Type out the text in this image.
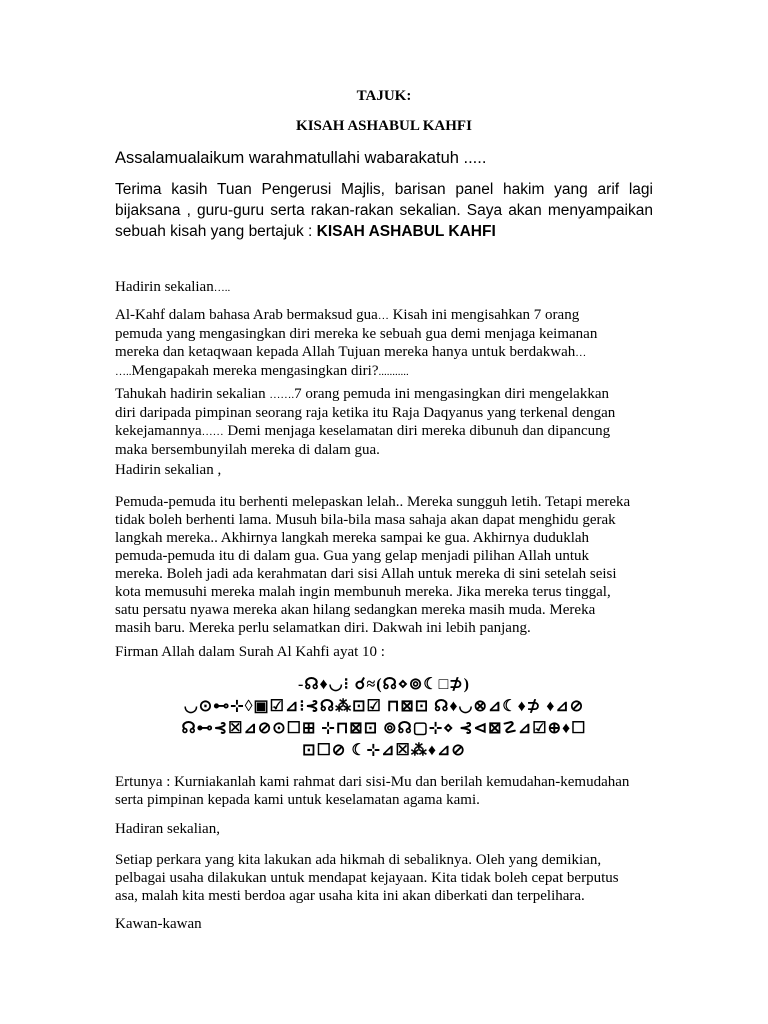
TAJUK:

KISAH ASHABUL KAHFI

Assalamualaikum warahmatullahi wabarakatuh .....

Terima kasih Tuan Pengerusi Majlis, barisan panel hakim yang arif lagi bijaksana , guru-guru serta rakan-rakan sekalian. Saya akan menyampaikan sebuah kisah yang bertajuk : KISAH ASHABUL KAHFI

Hadirin sekalian…..

Al-Kahf dalam bahasa Arab bermaksud gua… Kisah ini mengisahkan 7 orang
pemuda yang mengasingkan diri mereka ke sebuah gua demi menjaga keimanan
mereka dan ketaqwaan kepada Allah Tujuan mereka hanya untuk berdakwah…
…..Mengapakah mereka mengasingkan diri?...........
Tahukah hadirin sekalian …….7 orang pemuda ini mengasingkan diri mengelakkan
diri daripada pimpinan seorang raja ketika itu Raja Daqyanus yang terkenal dengan
kekejamannya…… Demi menjaga keselamatan diri mereka dibunuh dan dipancung
maka bersembunyilah mereka di dalam gua.

Hadirin sekalian ,

Pemuda-pemuda itu berhenti melepaskan lelah.. Mereka sungguh letih. Tetapi mereka
tidak boleh berhenti lama. Musuh bila-bila masa sahaja akan dapat menghidu gerak
langkah mereka.. Akhirnya langkah mereka sampai ke gua. Akhirnya duduklah
pemuda-pemuda itu di dalam gua. Gua yang gelap menjadi pilihan Allah untuk
mereka. Boleh jadi ada kerahmatan dari sisi Allah untuk mereka di sini setelah seisi
kota memusuhi mereka malah ingin membunuh mereka. Jika mereka terus tinggal,
satu persatu nyawa mereka akan hilang sedangkan mereka masih muda. Mereka
masih baru. Mereka perlu selamatkan diri. Dakwah ini lebih panjang.

Firman Allah dalam Surah Al Kahfi ayat 10 :

-☊♦◡⁝ ☌≈(☊⋄⊚☾□⊅)
◡⊙⊷⊹◊▣☑⊿⁝⊰☊⁂⊡☑ ⊓⊠⊡ ☊♦◡⊗⊿☾♦⊅ ♦⊿⊘
☊⊷⊰☒⊿⊘⊙☐⊞ ⊹⊓⊠⊡ ⊚☊▢⊹⋄ ⊰⊲⊠☡⊿☑⊕♦☐
⊡☐⊘ ☾⊹⊿☒⁂♦⊿⊘
Ertunya : Kurniakanlah kami rahmat dari sisi-Mu dan berilah kemudahan-kemudahan
serta pimpinan kepada kami untuk keselamatan agama kami.

Hadiran sekalian,

Setiap perkara yang kita lakukan ada hikmah di sebaliknya. Oleh yang demikian,
pelbagai usaha dilakukan untuk mendapat kejayaan. Kita tidak boleh cepat berputus
asa, malah kita mesti berdoa agar usaha kita ini akan diberkati dan terpelihara.

Kawan-kawan
